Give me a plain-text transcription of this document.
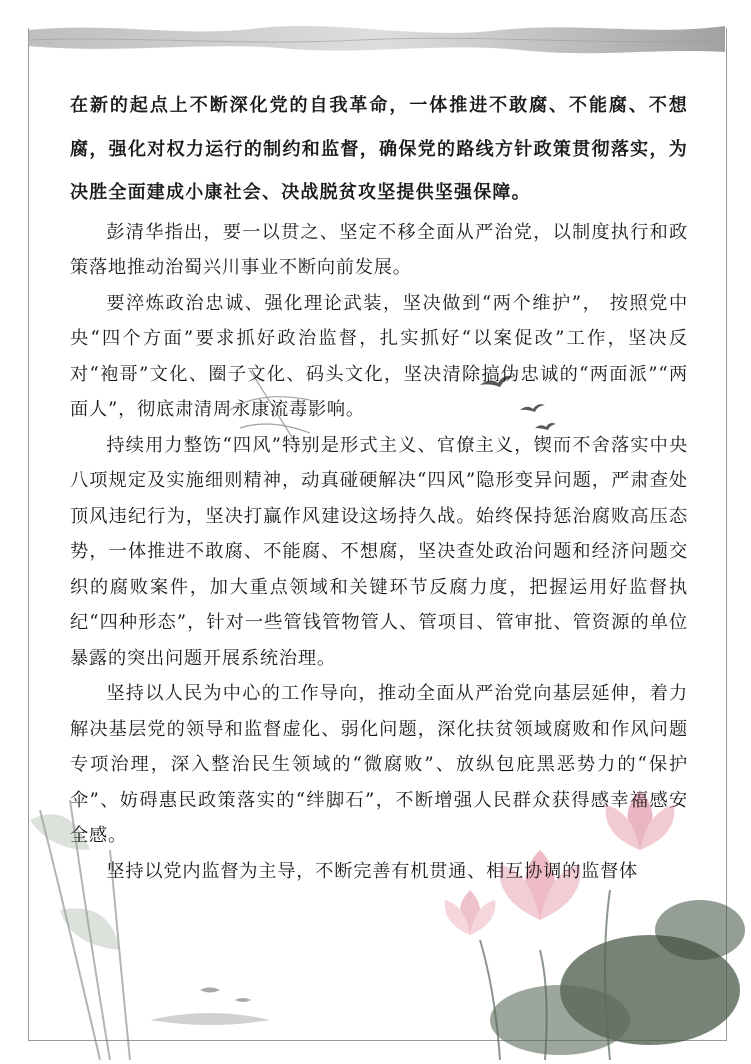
在新的起点上不断深化党的自我革命，一体推进不敢腐、不能腐、不想腐，强化对权力运行的制约和监督，确保党的路线方针政策贯彻落实，为决胜全面建成小康社会、决战脱贫攻坚提供坚强保障。

彭清华指出，要一以贯之、坚定不移全面从严治党，以制度执行和政策落地推动治蜀兴川事业不断向前发展。

要淬炼政治忠诚、强化理论武装，坚决做到“两个维护”， 按照党中央“四个方面”要求抓好政治监督，扎实抓好“以案促改”工作，坚决反对“袍哥”文化、圈子文化、码头文化，坚决清除搞伪忠诚的“两面派”“两面人”，彻底肃清周永康流毒影响。

持续用力整饬“四风”特别是形式主义、官僚主义，锲而不舍落实中央八项规定及实施细则精神，动真碰硬解决“四风”隐形变异问题，严肃查处顶风违纪行为，坚决打赢作风建设这场持久战。始终保持惩治腐败高压态势，一体推进不敢腐、不能腐、不想腐，坚决查处政治问题和经济问题交织的腐败案件，加大重点领域和关键环节反腐力度，把握运用好监督执纪“四种形态”，针对一些管钱管物管人、管项目、管审批、管资源的单位暴露的突出问题开展系统治理。

坚持以人民为中心的工作导向，推动全面从严治党向基层延伸，着力解决基层党的领导和监督虚化、弱化问题，深化扶贫领域腐败和作风问题专项治理，深入整治民生领域的“微腐败”、放纵包庇黑恶势力的“保护伞”、妨碍惠民政策落实的“绊脚石”，不断增强人民群众获得感幸福感安全感。

坚持以党内监督为主导，不断完善有机贯通、相互协调的监督体
